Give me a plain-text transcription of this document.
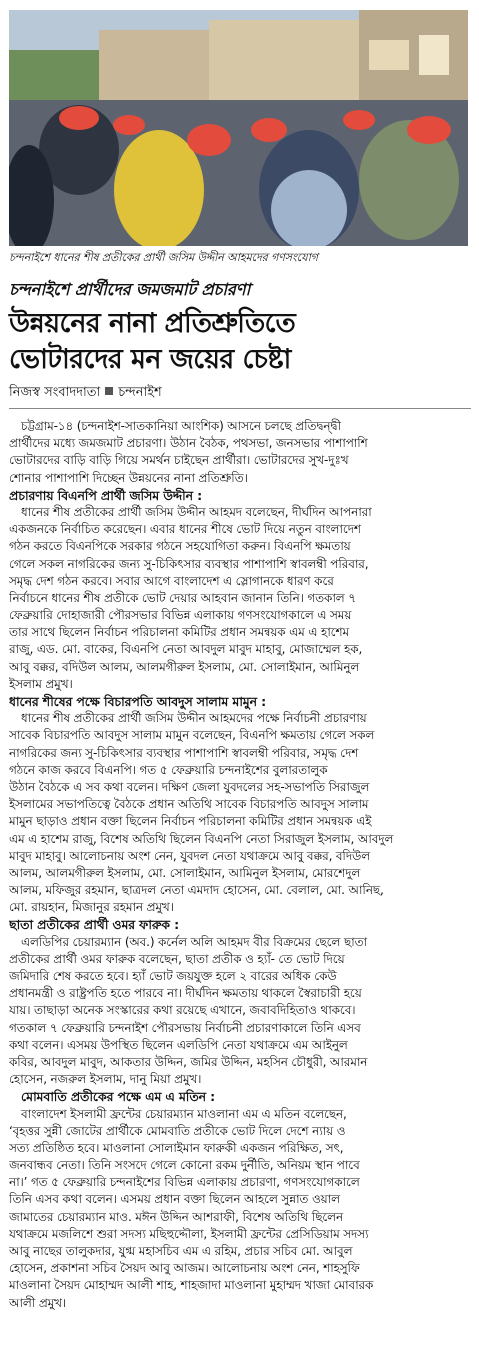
চন্দনাইশে ধানের শীষ প্রতীকের প্রার্থী জসিম উদ্দীন আহমদের গণসংযোগ
চন্দনাইশে প্রার্থীদের জমজমাট প্রচারণা
উন্নয়নের নানা প্রতিশ্রুতিতে
ভোটারদের মন জয়ের চেষ্টা
নিজস্ব সংবাদদাতা চন্দনাইশ
চট্টগ্রাম-১৪ (চন্দনাইশ-সাতকানিয়া আংশিক) আসনে চলছে প্রতিদ্বন্দ্বী
প্রার্থীদের মধ্যে জমজমাট প্রচারণা। উঠান বৈঠক, পথসভা, জনসভার পাশাপাশি
ভোটারদের বাড়ি বাড়ি গিয়ে সমর্থন চাইছেন প্রার্থীরা। ভোটারদের সুখ-দুঃখ
শোনার পাশাপাশি দিচ্ছেন উন্নয়নের নানা প্রতিশ্রুতি।
প্রচারণায় বিএনপি প্রার্থী জসিম উদ্দীন :
ধানের শীষ প্রতীকের প্রার্থী জসিম উদ্দীন আহমদ বলেছেন, দীর্ঘদিন আপনারা
একজনকে নির্বাচিত করেছেন। এবার ধানের শীষে ভোট দিয়ে নতুন বাংলাদেশ
গঠন করতে বিএনপিকে সরকার গঠনে সহযোগিতা করুন। বিএনপি ক্ষমতায়
গেলে সকল নাগরিকের জন্য সু-চিকিৎসার ব্যবস্থার পাশাপাশি স্বাবলম্বী পরিবার,
সমৃদ্ধ দেশ গঠন করবে। সবার আগে বাংলাদেশ এ স্লোগানকে ধারণ করে
নির্বাচনে ধানের শীষ প্রতীকে ভোট দেয়ার আহবান জানান তিনি। গতকাল ৭
ফেব্রুয়ারি দোহাজারী পৌরসভার বিভিন্ন এলাকায় গণসংযোগকালে এ সময়
তার সাথে ছিলেন নির্বাচন পরিচালনা কমিটির প্রধান সমন্বয়ক এম এ হাশেম
রাজু, এড. মো. বাকের, বিএনপি নেতা আবদুল মাবুদ মাহাবু, মোজাম্মেল হক,
আবু বক্কর, বদিউল আলম, আলমগীরুল ইসলাম, মো. সোলাইমান, আমিনুল
ইসলাম প্রমুখ।
ধানের শীষের পক্ষে বিচারপতি আবদুস সালাম মামুন :
ধানের শীষ প্রতীকের প্রার্থী জসিম উদ্দীন আহমদের পক্ষে নির্বাচনী প্রচারণায়
সাবেক বিচারপতি আবদুস সালাম মামুন বলেছেন, বিএনপি ক্ষমতায় গেলে সকল
নাগরিকের জন্য সু-চিকিৎসার ব্যবস্থার পাশাপাশি স্বাবলম্বী পরিবার, সমৃদ্ধ দেশ
গঠনে কাজ করবে বিএনপি। গত ৫ ফেব্রুয়ারি চন্দনাইশের বুলারতালুক
উঠান বৈঠকে এ সব কথা বলেন। দক্ষিণ জেলা যুবদলের সহ-সভাপতি সিরাজুল
ইসলামের সভাপতিত্বে বৈঠকে প্রধান অতিথি সাবেক বিচারপতি আবদুস সালাম
মামুন ছাড়াও প্রধান বক্তা ছিলেন নির্বাচন পরিচালনা কমিটির প্রধান সমন্বয়ক এই
এম এ হাশেম রাজু, বিশেষ অতিথি ছিলেন বিএনপি নেতা সিরাজুল ইসলাম, আবদুল
মাবুদ মাহাবু। আলোচনায় অংশ নেন, যুবদল নেতা যথাক্রমে আবু বক্কর, বদিউল
আলম, আলমগীরুল ইসলাম, মো. সোলাইমান, আমিনুল ইসলাম, মোরশেদুল
আলম, মফিজুর রহমান, ছাত্রদল নেতা এমদাদ হোসেন, মো. বেলাল, মো. আনিছ,
মো. রায়হান, মিজানুর রহমান প্রমুখ।
ছাতা প্রতীকের প্রার্থী ওমর ফারুক :
এলডিপির চেয়ারম্যান (অব.) কর্নেল অলি আহমদ বীর বিক্রমের ছেলে ছাতা
প্রতীকের প্রার্থী ওমর ফারুক বলেছেন, ছাতা প্রতীক ও হ্যাঁ- তে ভোট দিয়ে
জমিদারি শেষ করতে হবে। হ্যাঁ ভোট জয়যুক্ত হলে ২ বারের অধিক কেউ
প্রধানমন্ত্রী ও রাষ্ট্রপতি হতে পারবে না। দীর্ঘদিন ক্ষমতায় থাকলে স্বৈরাচারী হয়ে
যায়। তাছাড়া অনেক সংস্কারের কথা রয়েছে এখানে, জবাবদিহিতাও থাকবে।
গতকাল ৭ ফেব্রুয়ারি চন্দনাইশ পৌরসভায় নির্বাচনী প্রচারণাকালে তিনি এসব
কথা বলেন। এসময় উপস্থিত ছিলেন এলডিপি নেতা যথাক্রমে এম আইনুল
কবির, আবদুল মাবুদ, আকতার উদ্দিন, জমির উদ্দিন, মহসিন চৌধুরী, আরমান
হোসেন, নজরুল ইসলাম, দানু মিয়া প্রমুখ।
মোমবাতি প্রতীকের পক্ষে এম এ মতিন :
বাংলাদেশ ইসলামী ফ্রন্টের চেয়ারম্যান মাওলানা এম এ মতিন বলেছেন,
‘বৃহত্তর সুন্নী জোটের প্রার্থীকে মোমবাতি প্রতীকে ভোট দিলে দেশে ন্যায় ও
সত্য প্রতিষ্ঠিত হবে। মাওলানা সোলাইমান ফারুকী একজন পরিক্ষিত, সৎ,
জনবান্ধব নেতা। তিনি সংসদে গেলে কোনো রকম দুর্নীতি, অনিয়ম স্থান পাবে
না।’ গত ৫ ফেব্রুয়ারি চন্দনাইশের বিভিন্ন এলাকায় প্রচারণা, গণসংযোগকালে
তিনি এসব কথা বলেন। এসময় প্রধান বক্তা ছিলেন আহলে সুন্নাত ওয়াল
জামাতের চেয়ারম্যান মাও. মঈন উদ্দিন আশরাফী, বিশেষ অতিথি ছিলেন
যথাক্রমে মজলিশে শুরা সদস্য মছিহুদ্দৌলা, ইসলামী ফ্রন্টের প্রেসিডিয়াম সদস্য
আবু নাছের তালুকদার, যুগ্ম মহাসচিব এম এ রহিম, প্রচার সচিব মো. আবুল
হোসেন, প্রকাশনা সচিব সৈয়দ আবু আজম। আলোচনায় অংশ নেন, শাহসুফি
মাওলানা সৈয়দ মোহাম্মদ আলী শাহ, শাহজাদা মাওলানা মুহাম্মদ খাজা মোবারক
আলী প্রমুখ।
